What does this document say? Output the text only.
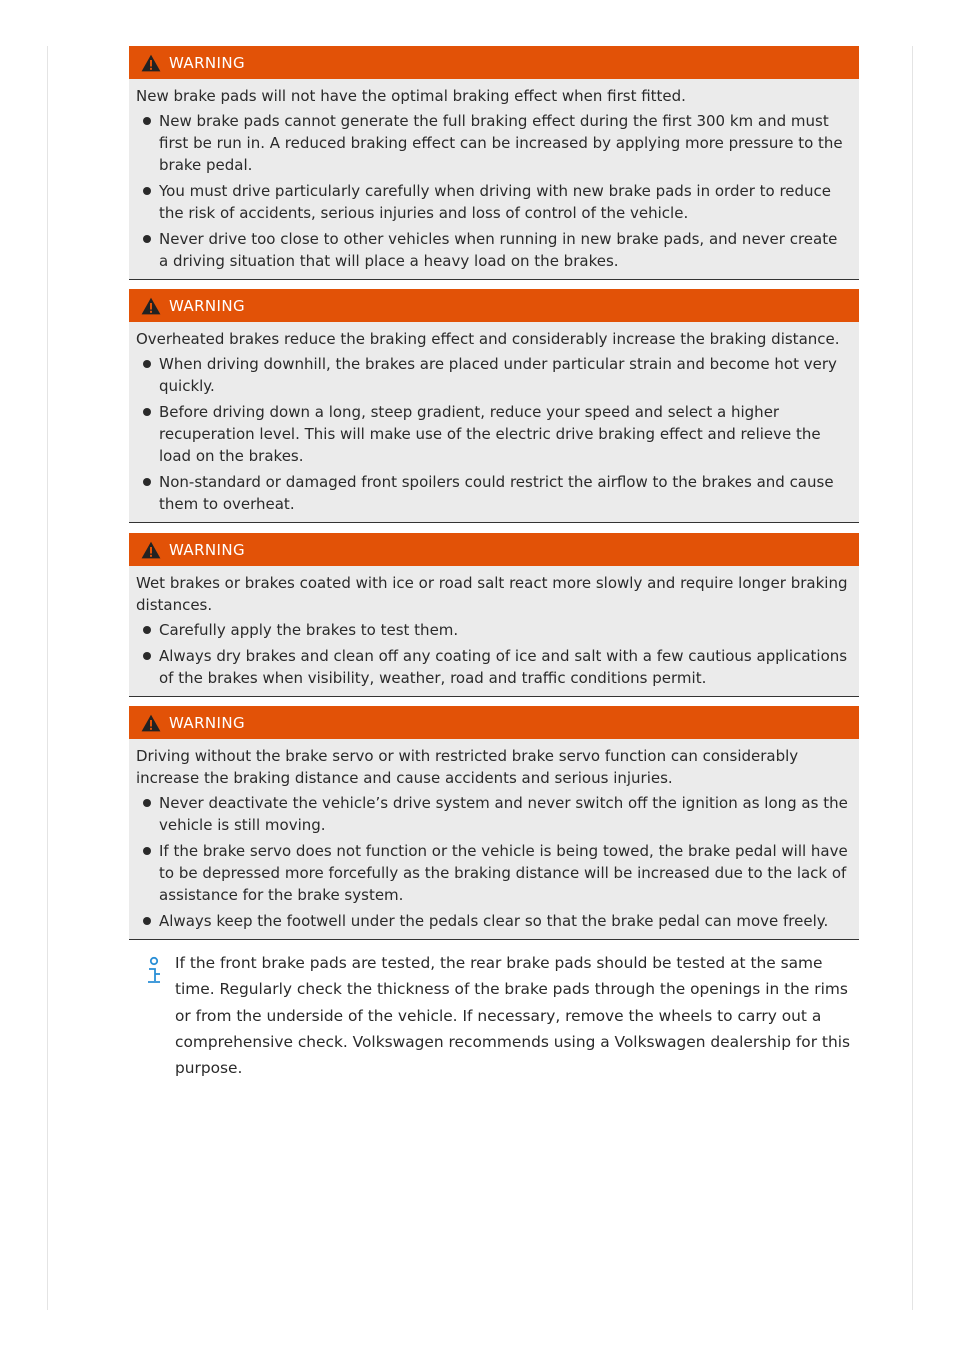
WARNING

New brake pads will not have the optimal braking effect when first fitted.

New brake pads cannot generate the full braking effect during the first 300 km and must first be run in. A reduced braking effect can be increased by applying more pressure to the brake pedal.
You must drive particularly carefully when driving with new brake pads in order to reduce the risk of accidents, serious injuries and loss of control of the vehicle.
Never drive too close to other vehicles when running in new brake pads, and never create a driving situation that will place a heavy load on the brakes.
WARNING

Overheated brakes reduce the braking effect and considerably increase the braking distance.

When driving downhill, the brakes are placed under particular strain and become hot very quickly.
Before driving down a long, steep gradient, reduce your speed and select a higher recuperation level. This will make use of the electric drive braking effect and relieve the load on the brakes.
Non-standard or damaged front spoilers could restrict the airflow to the brakes and cause them to overheat.
WARNING

Wet brakes or brakes coated with ice or road salt react more slowly and require longer braking distances.

Carefully apply the brakes to test them.
Always dry brakes and clean off any coating of ice and salt with a few cautious applications of the brakes when visibility, weather, road and traffic conditions permit.
WARNING

Driving without the brake servo or with restricted brake servo function can considerably increase the braking distance and cause accidents and serious injuries.

Never deactivate the vehicle’s drive system and never switch off the ignition as long as the vehicle is still moving.
If the brake servo does not function or the vehicle is being towed, the brake pedal will have to be depressed more forcefully as the braking distance will be increased due to the lack of assistance for the brake system.
Always keep the footwell under the pedals clear so that the brake pedal can move freely.

If the front brake pads are tested, the rear brake pads should be tested at the same time. Regularly check the thickness of the brake pads through the openings in the rims or from the underside of the vehicle. If necessary, remove the wheels to carry out a comprehensive check. Volkswagen recommends using a Volkswagen dealership for this purpose.
